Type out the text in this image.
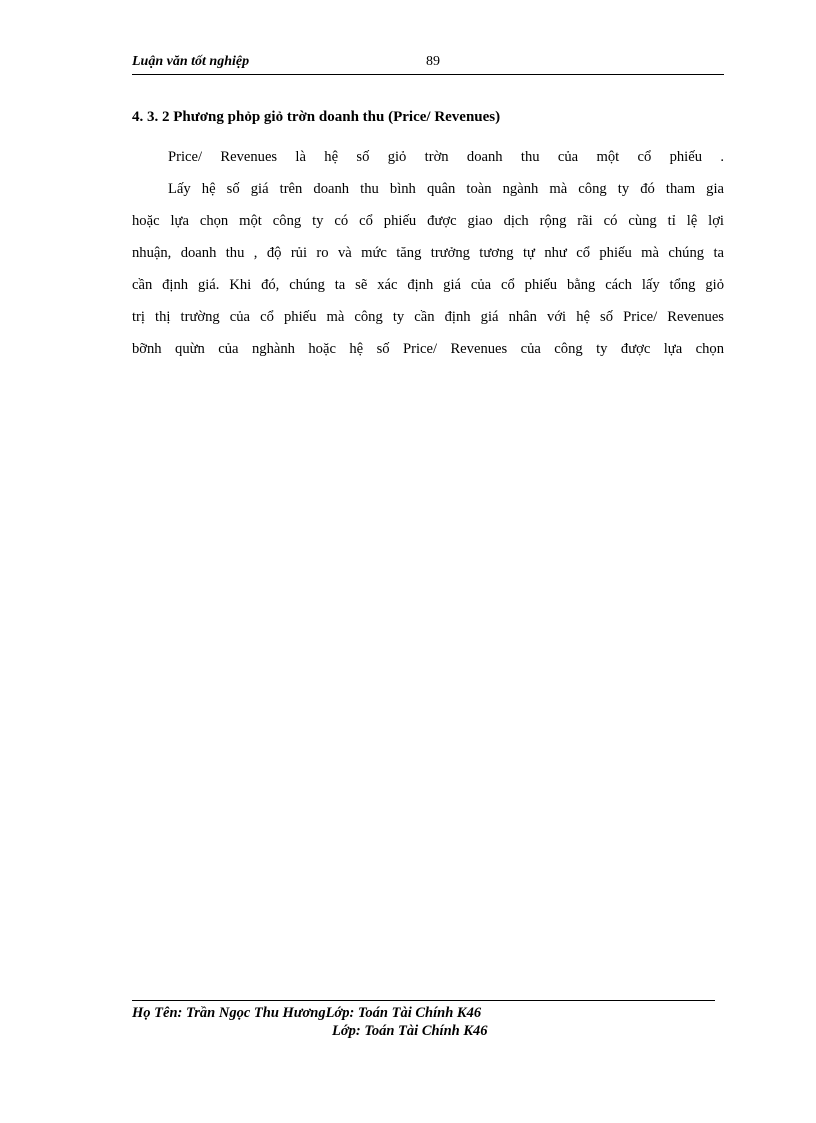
Luận văn tốt nghiệp	89
4. 3. 2 Phương phỏp giỏ trờn doanh thu (Price/ Revenues)
Price/ Revenues là hệ số giỏ trờn doanh thu của một cổ phiếu .
Lấy hệ số giá trên doanh thu bình quân toàn ngành mà công ty đó tham gia
hoặc lựa chọn một công ty có cổ phiếu được giao dịch rộng rãi có cùng tỉ lệ lợi
nhuận, doanh thu , độ rủi ro và mức tăng trưởng tương tự như cổ phiếu mà chúng ta
cần định giá. Khi đó, chúng ta sẽ xác định giá của cổ phiếu bằng cách lấy tổng giỏ
trị thị trường của cổ phiếu mà công ty cần định giá nhân với hệ số Price/ Revenues
bỡnh quừn của nghành hoặc hệ số Price/ Revenues của công ty được lựa chọn
Họ Tên: Trần Ngọc Thu HươngLớp: Toán Tài Chính K46
Lớp: Toán Tài Chính K46
